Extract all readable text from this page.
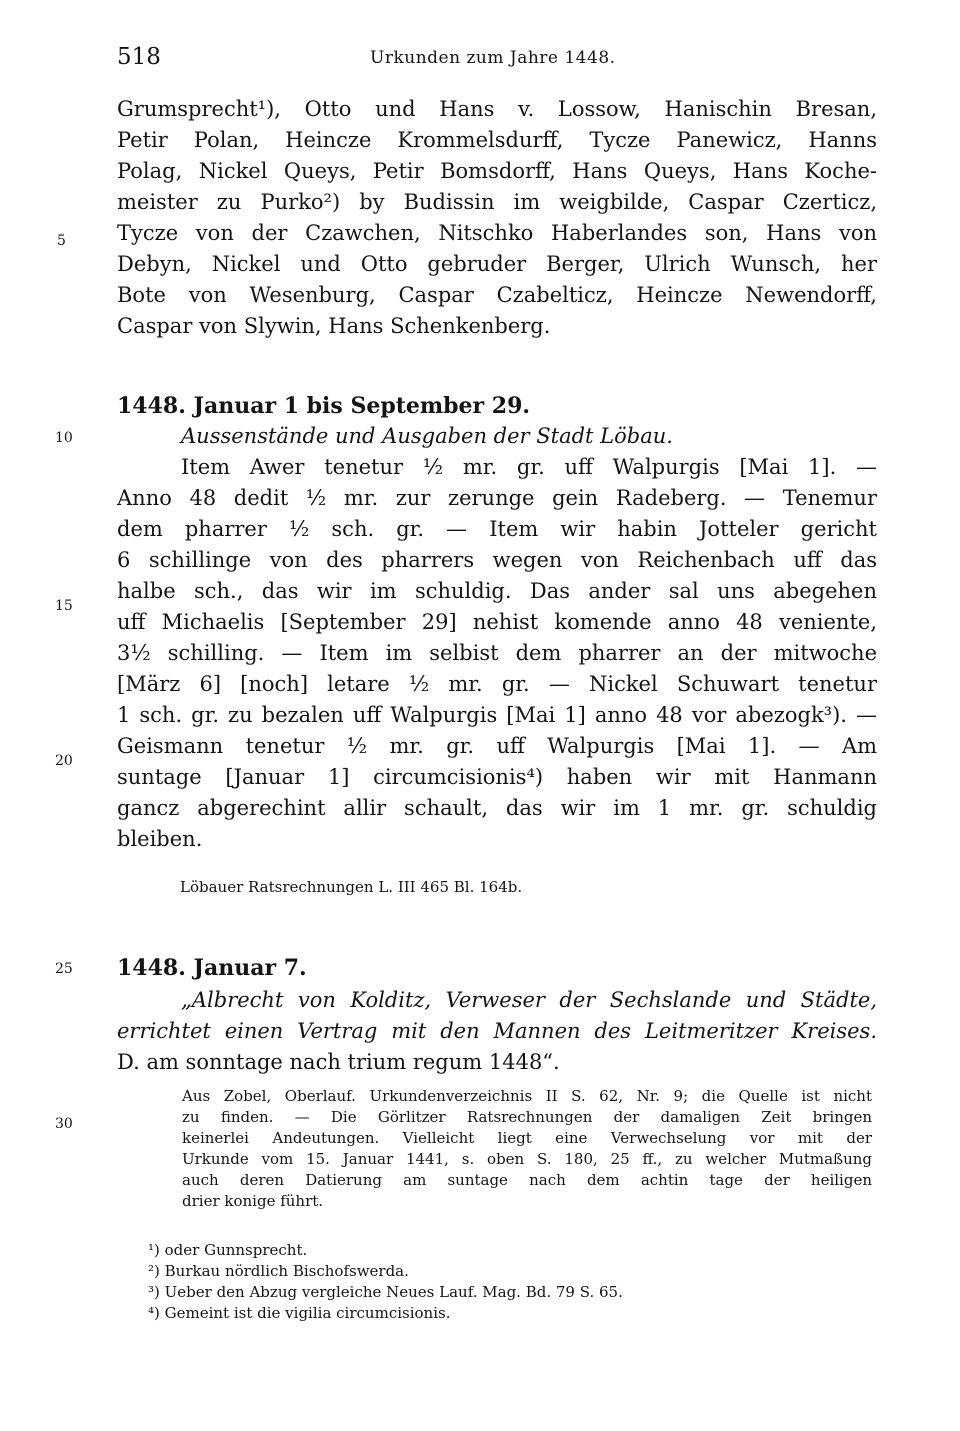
518	Urkunden zum Jahre 1448.
5
10
15
20
25
30
Grumsprecht¹), Otto und Hans v. Lossow, Hanischin Bresan,
Petir Polan, Heincze Krommelsdurff, Tycze Panewicz, Hanns
Polag, Nickel Queys, Petir Bomsdorff, Hans Queys, Hans Koche-
meister zu Purko²) by Budissin im weigbilde, Caspar Czerticz,
Tycze von der Czawchen, Nitschko Haberlandes son, Hans von
Debyn, Nickel und Otto gebruder Berger, Ulrich Wunsch, her
Bote von Wesenburg, Caspar Czabelticz, Heincze Newendorff,
Caspar von Slywin, Hans Schenkenberg.
1448. Januar 1 bis September 29.
Aussenstände und Ausgaben der Stadt Löbau.
Item Awer tenetur ½ mr. gr. uff Walpurgis [Mai 1]. —
Anno 48 dedit ½ mr. zur zerunge gein Radeberg. — Tenemur
dem pharrer ½ sch. gr. — Item wir habin Jotteler gericht
6 schillinge von des pharrers wegen von Reichenbach uff das
halbe sch., das wir im schuldig. Das ander sal uns abegehen
uff Michaelis [September 29] nehist komende anno 48 veniente,
3½ schilling. — Item im selbist dem pharrer an der mitwoche
[März 6] [noch] letare ½ mr. gr. — Nickel Schuwart tenetur
1 sch. gr. zu bezalen uff Walpurgis [Mai 1] anno 48 vor abezogk³). —
Geismann tenetur ½ mr. gr. uff Walpurgis [Mai 1]. — Am
suntage [Januar 1] circumcisionis⁴) haben wir mit Hanmann
gancz abgerechint allir schault, das wir im 1 mr. gr. schuldig
bleiben.
Löbauer Ratsrechnungen L. III 465 Bl. 164b.
1448. Januar 7.
„Albrecht von Kolditz, Verweser der Sechslande und Städte,
errichtet einen Vertrag mit den Mannen des Leitmeritzer Kreises.
D. am sonntage nach trium regum 1448“.
Aus Zobel, Oberlauf. Urkundenverzeichnis II S. 62, Nr. 9; die Quelle ist nicht
zu finden. — Die Görlitzer Ratsrechnungen der damaligen Zeit bringen
keinerlei Andeutungen. Vielleicht liegt eine Verwechselung vor mit der
Urkunde vom 15. Januar 1441, s. oben S. 180, 25 ff., zu welcher Mutmaßung
auch deren Datierung am suntage nach dem achtin tage der heiligen
drier konige führt.
¹) oder Gunnsprecht.
²) Burkau nördlich Bischofswerda.
³) Ueber den Abzug vergleiche Neues Lauf. Mag. Bd. 79 S. 65.
⁴) Gemeint ist die vigilia circumcisionis.
